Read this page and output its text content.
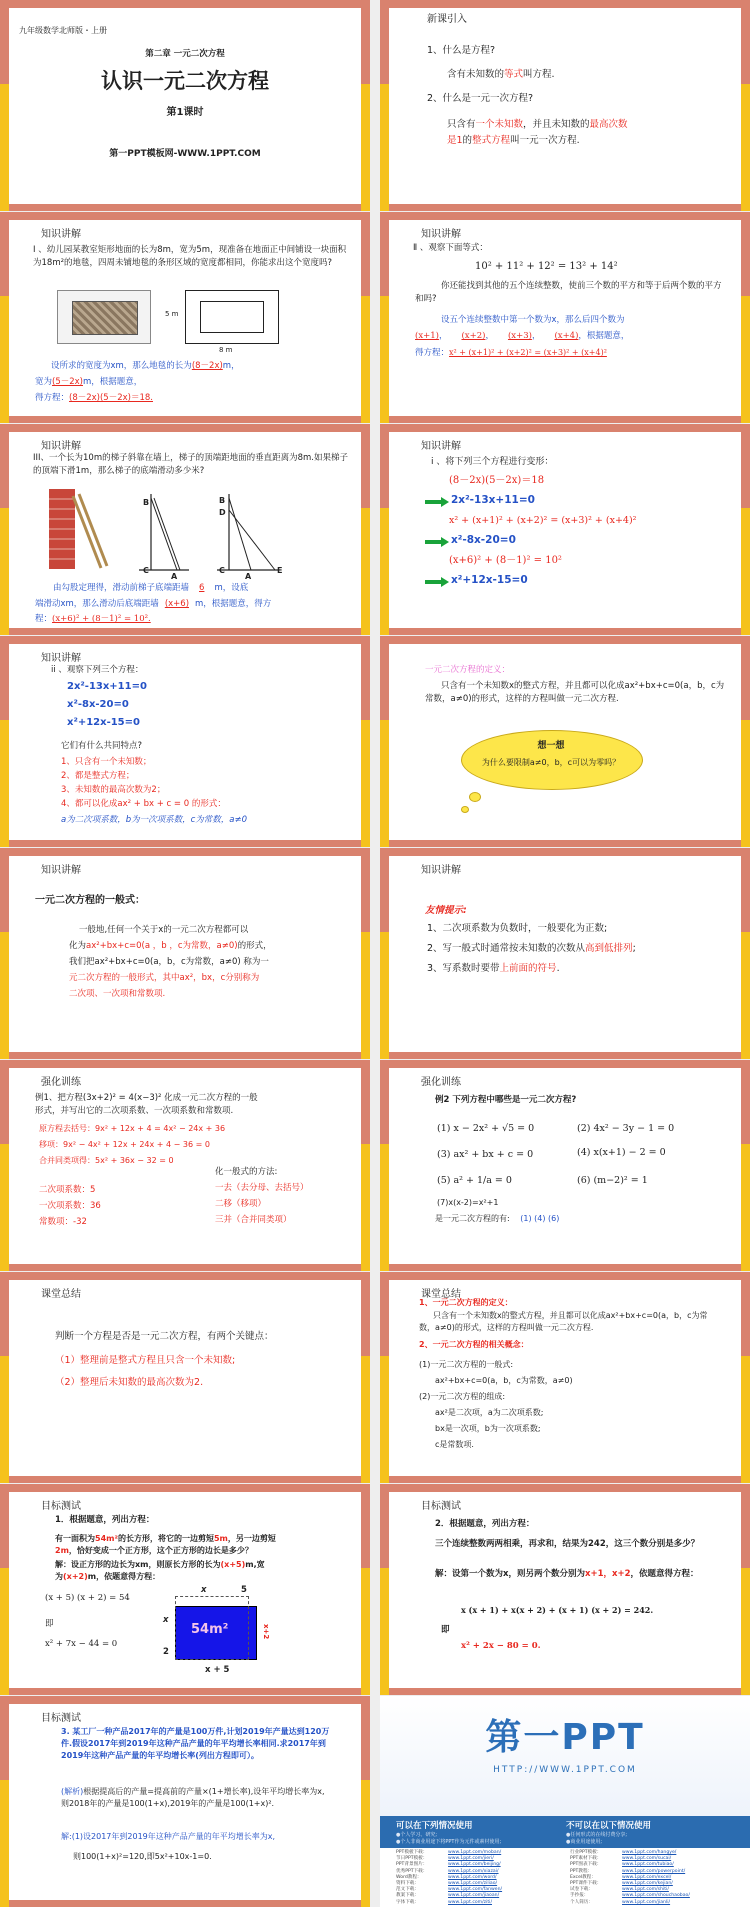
九年级数学北师版・上册
第二章 一元二次方程
认识一元二次方程
第1课时
第一PPT模板网-WWW.1PPT.COM
新课引入
1、什么是方程?
含有未知数的等式叫方程.
2、什么是一元一次方程?
只含有一个未知数，并且未知数的最高次数
是1的整式方程叫一元一次方程.
知识讲解
I 、幼儿园某教室矩形地面的长为8m，宽为5m，现准备在地面正中间铺设一块面积为18m²的地毯，四周未铺地毯的条形区域的宽度都相同，你能求出这个宽度吗?
8 m
5 m
设所求的宽度为xm，那么地毯的长为(8－2x)m，
宽为(5－2x)m，根据题意，
得方程：(8－2x)(5－2x)＝18.
知识讲解
Ⅱ 、观察下面等式：
10² + 11² + 12² = 13² + 14²
你还能找到其他的五个连续整数，使前三个数的平方和等于后两个数的平方和吗?
设五个连续整数中第一个数为x，那么后四个数为
(x+1)， (x+2)， (x+3)， (x+4)，根据题意，
得方程：x² + (x+1)² + (x+2)² = (x+3)² + (x+4)²
知识讲解
III、一个长为10m的梯子斜靠在墙上，梯子的顶端距地面的垂直距离为8m.如果梯子的顶端下滑1m，那么梯子的底端滑动多少米?
B
C
A
B
D
C
A
E
由勾股定理得，滑动前梯子底端距墙 6 m，设底
端滑动xm，那么滑动后底端距墙 (x+6) m，根据题意，得方
程：(x+6)² + (8－1)² = 10².
知识讲解
i 、将下列三个方程进行变形：
(8－2x)(5－2x)＝18
2x²-13x+11=0
x² + (x+1)² + (x+2)² = (x+3)² + (x+4)²
x²-8x-20=0
(x+6)² + (8－1)² = 10²
x²+12x-15=0
知识讲解
ii 、观察下列三个方程：
2x²-13x+11=0
x²-8x-20=0
x²+12x-15=0
它们有什么共同特点?
1、只含有一个未知数；
2、都是整式方程；
3、未知数的最高次数为2；
4、都可以化成ax² + bx + c = 0 的形式：
a为二次项系数，b为一次项系数，c为常数，a≠0
一元二次方程的定义：
只含有一个未知数x的整式方程，并且都可以化成ax²+bx+c=0(a，b，c为常数，a≠0)的形式，这样的方程叫做一元二次方程.
想一想
为什么要限制a≠0，b，c可以为零吗？
知识讲解
一元二次方程的一般式：
一般地,任何一个关于x的一元二次方程都可以
化为ax²+bx+c=0(a ，b ，c为常数，a≠0)的形式，
我们把ax²+bx+c=0(a，b，c为常数，a≠0) 称为一
元二次方程的一般形式，其中ax²，bx，c分别称为
二次项、一次项和常数项.
知识讲解
友情提示:
1、二次项系数为负数时，一般要化为正数;
2、写一般式时通常按未知数的次数从高到低排列;
3、写系数时要带上前面的符号.
强化训练
例1、把方程(3x+2)² = 4(x−3)² 化成一元二次方程的一般形式，并写出它的二次项系数、一次项系数和常数项.
原方程去括号：9x² + 12x + 4 = 4x² − 24x + 36
移项：9x² − 4x² + 12x + 24x + 4 − 36 = 0
合并同类项得：5x² + 36x − 32 = 0
二次项系数：5
一次项系数：36
常数项：-32
化一般式的方法:
一去（去分母、去括号）
二移（移项）
三并（合并同类项）
强化训练
例2 下列方程中哪些是一元二次方程?
(1) x − 2x² + √5 = 0	(2) 4x² − 3y − 1 = 0
(3) ax² + bx + c = 0	(4) x(x+1) − 2 = 0
(5) a² + 1/a = 0	(6) (m−2)² = 1
(7)x(x-2)=x²+1
是一元二次方程的有: (1) (4) (6)
课堂总结
判断一个方程是否是一元二次方程，有两个关键点：
（1）整理前是整式方程且只含一个未知数;
（2）整理后未知数的最高次数为2.
课堂总结
1、一元二次方程的定义：
只含有一个未知数x的整式方程，并且都可以化成ax²+bx+c=0(a，b，c为常数，a≠0)的形式，这样的方程叫做一元二次方程.
2、一元二次方程的相关概念：
(1)一元二次方程的一般式:
ax²+bx+c=0(a，b，c为常数，a≠0)
(2)一元二次方程的组成:
ax²是二次项，a为二次项系数;
bx是一次项，b为一次项系数;
c是常数项.
目标测试
1．根据题意，列出方程：
有一面积为54m²的长方形，将它的一边剪短5m，另一边剪短
2m，恰好变成一个正方形，这个正方形的边长是多少？
解：设正方形的边长为xm，则原长方形的长为(x+5)m,宽
为(x+2)m，依题意得方程：
(x + 5) (x + 2) = 54
即
x² + 7x − 44 = 0
54m²
x	5
x
2
x + 5
x+2
目标测试
2．根据题意，列出方程：
三个连续整数两两相乘，再求和，结果为242，这三个数分别是多少？
解：设第一个数为x，则另两个数分别为x+1，x+2，依题意得方程：
x (x + 1) + x(x + 2) + (x + 1) (x + 2) = 242.
即
x² + 2x − 80 = 0.
目标测试
3. 某工厂一种产品2017年的产量是100万件,计划2019年产量达到120万件.假设2017年到2019年这种产品产量的年平均增长率相同.求2017年到2019年这种产品产量的年平均增长率(列出方程即可）。
(解析)根据提高后的产量=提高前的产量×(1+增长率),设年平均增长率为x,则2018年的产量是100(1+x),2019年的产量是100(1+x)².
解:(1)设2017年到2019年这种产品产量的年平均增长率为x,
则100(1+x)²=120,即5x²+10x-1=0.
第一PPT
HTTP://WWW.1PPT.COM
可以在下列情况使用
●个人学习、研究;
●个人非商业用途下将PPT作为元件或素材使用;
不可以在以下情况使用
●任何形式的在线付费分享;
●商业用途使用;
PPT模板下载：	www.1ppt.com/moban/
节日PPT模板：	www.1ppt.com/jieri/
PPT背景图片：	www.1ppt.com/beijing/
优秀PPT下载：	www.1ppt.com/xiazai/
Word教程：	www.1ppt.com/word/
资料下载：	www.1ppt.com/ziliao/
范文下载：	www.1ppt.com/fanwen/
教案下载：	www.1ppt.com/jiaoan/
字体下载：	www.1ppt.com/ziti/
行业PPT模板：	www.1ppt.com/hangye/
PPT素材下载：	www.1ppt.com/sucai/
PPT图表下载：	www.1ppt.com/tubiao/
PPT教程：	www.1ppt.com/powerpoint/
Excel教程：	www.1ppt.com/excel/
PPT课件下载：	www.1ppt.com/kejian/
试卷下载：	www.1ppt.com/shiti/
手抄报：	www.1ppt.com/shouchaobao/
个人简历：	www.1ppt.com/jianli/
